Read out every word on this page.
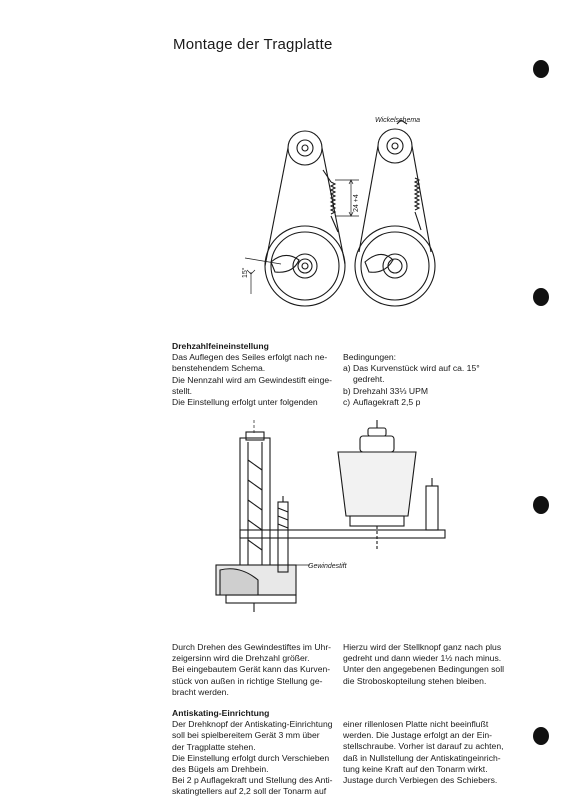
Montage der Tragplatte
Wickelschema
15°
24 +4

Drehzahlfeineinstellung

Das Auflegen des Seiles erfolgt nach ne-

benstehendem Schema.

Die Nennzahl wird am Gewindestift einge-

stellt.

Die Einstellung erfolgt unter folgenden

Bedingungen:

a) Das Kurvenstück wird auf ca. 15°

gedreht.

b) Drehzahl 33⅓ UPM

c) Auflagekraft 2,5 p

Gewindestift

Durch Drehen des Gewindestiftes im Uhr-

zeigersinn wird die Drehzahl größer.

Bei eingebautem Gerät kann das Kurven-

stück von außen in richtige Stellung ge-

bracht werden.

Hierzu wird der Stellknopf ganz nach plus

gedreht und dann wieder 1½ nach minus.

Unter den angegebenen Bedingungen soll

die Stroboskopteilung stehen bleiben.

Antiskating-Einrichtung

Der Drehknopf der Antiskating-Einrichtung

soll bei spielbereitem Gerät 3 mm über

der Tragplatte stehen.

Die Einstellung erfolgt durch Verschieben

des Bügels am Drehbein.

Bei 2 p Auflagekraft und Stellung des Anti-

skatingtellers auf 2,2 soll der Tonarm auf

einer rillenlosen Platte nicht beeinflußt

werden. Die Justage erfolgt an der Ein-

stellschraube. Vorher ist darauf zu achten,

daß in Nullstellung der Antiskatingeinrich-

tung keine Kraft auf den Tonarm wirkt.

Justage durch Verbiegen des Schiebers.
